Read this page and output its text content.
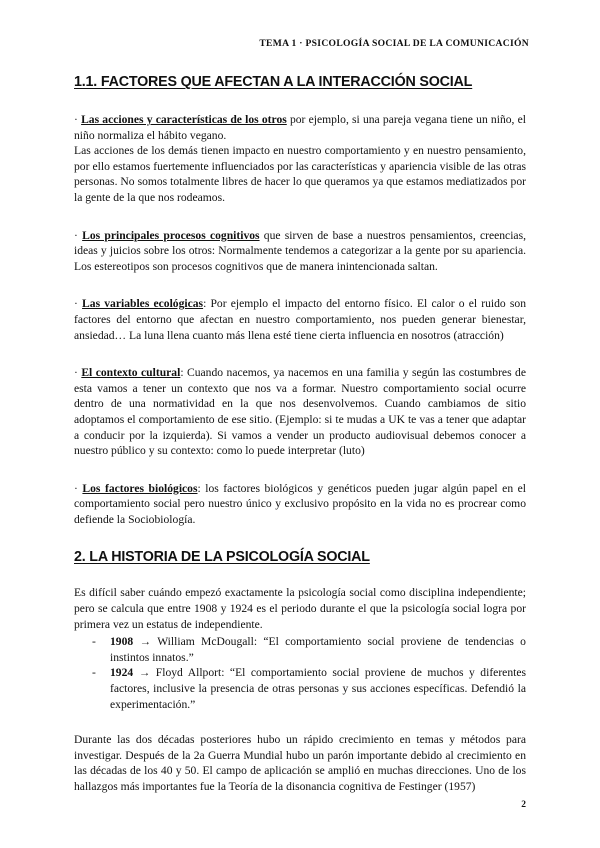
TEMA 1 · PSICOLOGÍA SOCIAL DE LA COMUNICACIÓN
1.1. FACTORES QUE AFECTAN A LA INTERACCIÓN SOCIAL

· Las acciones y características de los otros por ejemplo, si una pareja vegana tiene un niño, el niño normaliza el hábito vegano.

Las acciones de los demás tienen impacto en nuestro comportamiento y en nuestro pensamiento, por ello estamos fuertemente influenciados por las características y apariencia visible de las otras personas. No somos totalmente libres de hacer lo que queramos ya que estamos mediatizados por la gente de la que nos rodeamos.

· Los principales procesos cognitivos que sirven de base a nuestros pensamientos, creencias, ideas y juicios sobre los otros: Normalmente tendemos a categorizar a la gente por su apariencia. Los estereotipos son procesos cognitivos que de manera inintencionada saltan.

· Las variables ecológicas: Por ejemplo el impacto del entorno físico. El calor o el ruido son factores del entorno que afectan en nuestro comportamiento, nos pueden generar bienestar, ansiedad… La luna llena cuanto más llena esté tiene cierta influencia en nosotros (atracción)

· El contexto cultural: Cuando nacemos, ya nacemos en una familia y según las costumbres de esta vamos a tener un contexto que nos va a formar. Nuestro comportamiento social ocurre dentro de una normatividad en la que nos desenvolvemos. Cuando cambiamos de sitio adoptamos el comportamiento de ese sitio. (Ejemplo: si te mudas a UK te vas a tener que adaptar a conducir por la izquierda). Si vamos a vender un producto audiovisual debemos conocer a nuestro público y su contexto: como lo puede interpretar (luto)

· Los factores biológicos: los factores biológicos y genéticos pueden jugar algún papel en el comportamiento social pero nuestro único y exclusivo propósito en la vida no es procrear como defiende la Sociobiología.

2. LA HISTORIA DE LA PSICOLOGÍA SOCIAL

Es difícil saber cuándo empezó exactamente la psicología social como disciplina independiente; pero se calcula que entre 1908 y 1924 es el periodo durante el que la psicología social logra por primera vez un estatus de independiente.

- 1908 → William McDougall: “El comportamiento social proviene de tendencias o instintos innatos.”
- 1924 → Floyd Allport: “El comportamiento social proviene de muchos y diferentes factores, inclusive la presencia de otras personas y sus acciones específicas. Defendió la experimentación.”

Durante las dos décadas posteriores hubo un rápido crecimiento en temas y métodos para investigar. Después de la 2a Guerra Mundial hubo un parón importante debido al crecimiento en las décadas de los 40 y 50. El campo de aplicación se amplió en muchas direcciones. Uno de los hallazgos más importantes fue la Teoría de la disonancia cognitiva de Festinger (1957)

2
